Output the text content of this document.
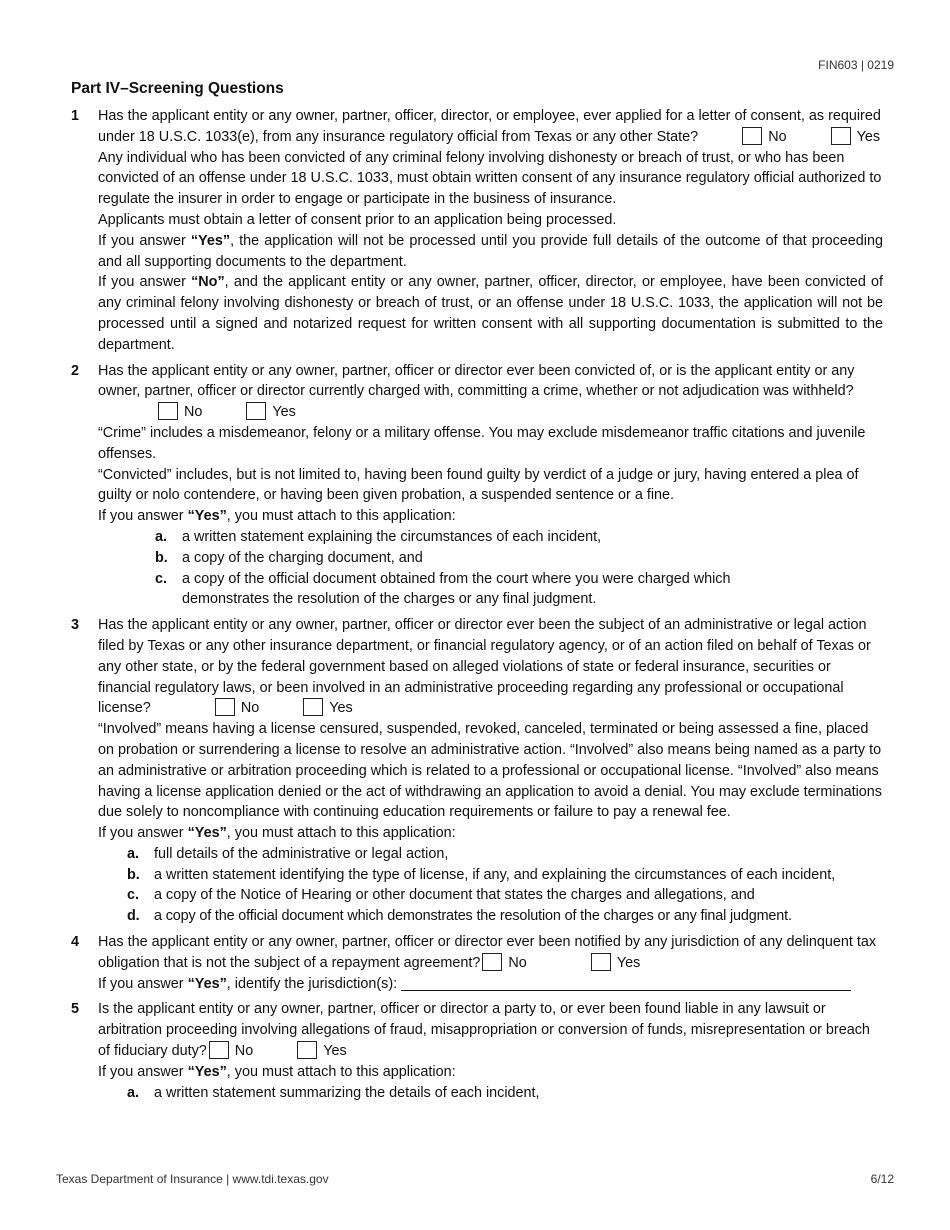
FIN603 | 0219
Part IV–Screening Questions
1 Has the applicant entity or any owner, partner, officer, director, or employee, ever applied for a letter of consent, as required under 18 U.S.C. 1033(e), from any insurance regulatory official from Texas or any other State?	No	Yes

Any individual who has been convicted of any criminal felony involving dishonesty or breach of trust, or who has been convicted of an offense under 18 U.S.C. 1033, must obtain written consent of any insurance regulatory official authorized to regulate the insurer in order to engage or participate in the business of insurance.

Applicants must obtain a letter of consent prior to an application being processed.

If you answer “Yes”, the application will not be processed until you provide full details of the outcome of that proceeding and all supporting documents to the department.

If you answer “No”, and the applicant entity or any owner, partner, officer, director, or employee, have been convicted of any criminal felony involving dishonesty or breach of trust, or an offense under 18 U.S.C. 1033, the application will not be processed until a signed and notarized request for written consent with all supporting documentation is submitted to the department.

2 Has the applicant entity or any owner, partner, officer or director ever been convicted of, or is the applicant entity or any owner, partner, officer or director currently charged with, committing a crime, whether or not adjudication was withheld? No	Yes

“Crime” includes a misdemeanor, felony or a military offense. You may exclude misdemeanor traffic citations and juvenile offenses.

“Convicted” includes, but is not limited to, having been found guilty by verdict of a judge or jury, having entered a plea of guilty or nolo contendere, or having been given probation, a suspended sentence or a fine.

If you answer “Yes”, you must attach to this application:

a. a written statement explaining the circumstances of each incident,
b. a copy of the charging document, and
c. a copy of the official document obtained from the court where you were charged which demonstrates the resolution of the charges or any final judgment.
3 Has the applicant entity or any owner, partner, officer or director ever been the subject of an administrative or legal action filed by Texas or any other insurance department, or financial regulatory agency, or of an action filed on behalf of Texas or any other state, or by the federal government based on alleged violations of state or federal insurance, securities or financial regulatory laws, or been involved in an administrative proceeding regarding any professional or occupational license?	No	Yes

“Involved” means having a license censured, suspended, revoked, canceled, terminated or being assessed a fine, placed on probation or surrendering a license to resolve an administrative action. “Involved” also means being named as a party to an administrative or arbitration proceeding which is related to a professional or occupational license. “Involved” also means having a license application denied or the act of withdrawing an application to avoid a denial. You may exclude terminations due solely to noncompliance with continuing education requirements or failure to pay a renewal fee.

If you answer “Yes”, you must attach to this application:

a. full details of the administrative or legal action,
b. a written statement identifying the type of license, if any, and explaining the circumstances of each incident,
c. a copy of the Notice of Hearing or other document that states the charges and allegations, and
d. a copy of the official document which demonstrates the resolution of the charges or any final judgment.
4 Has the applicant entity or any owner, partner, officer or director ever been notified by any jurisdiction of any delinquent tax obligation that is not the subject of a repayment agreement? No	Yes

If you answer “Yes”, identify the jurisdiction(s):

5 Is the applicant entity or any owner, partner, officer or director a party to, or ever been found liable in any lawsuit or arbitration proceeding involving allegations of fraud, misappropriation or conversion of funds, misrepresentation or breach of fiduciary duty? No	Yes

If you answer “Yes”, you must attach to this application:

a. a written statement summarizing the details of each incident,
Texas Department of Insurance | www.tdi.texas.gov	6/12
